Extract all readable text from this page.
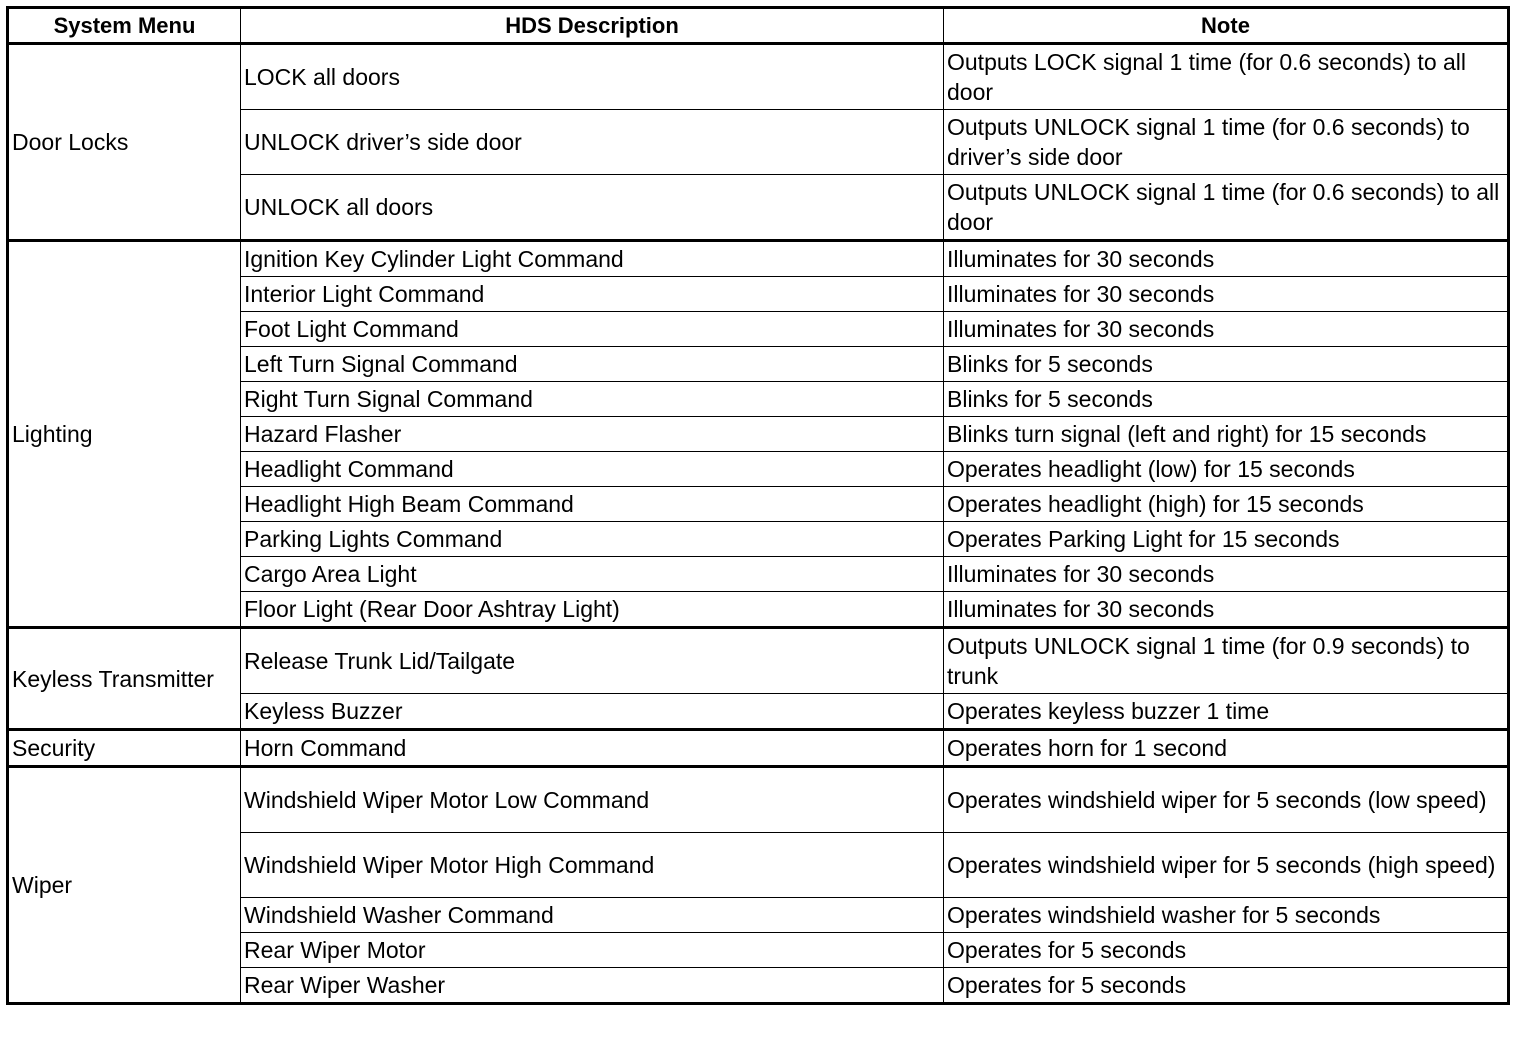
System Menu	HDS Description	Note
Door Locks	LOCK all doors	Outputs LOCK signal 1 time (for 0.6 seconds) to all door
	UNLOCK driver’s side door	Outputs UNLOCK signal 1 time (for 0.6 seconds) to driver’s side door
	UNLOCK all doors	Outputs UNLOCK signal 1 time (for 0.6 seconds) to all door
Lighting	Ignition Key Cylinder Light Command	Illuminates for 30 seconds
	Interior Light Command	Illuminates for 30 seconds
	Foot Light Command	Illuminates for 30 seconds
	Left Turn Signal Command	Blinks for 5 seconds
	Right Turn Signal Command	Blinks for 5 seconds
	Hazard Flasher	Blinks turn signal (left and right) for 15 seconds
	Headlight Command	Operates headlight (low) for 15 seconds
	Headlight High Beam Command	Operates headlight (high) for 15 seconds
	Parking Lights Command	Operates Parking Light for 15 seconds
	Cargo Area Light	Illuminates for 30 seconds
	Floor Light (Rear Door Ashtray Light)	Illuminates for 30 seconds
Keyless Transmitter	Release Trunk Lid/Tailgate	Outputs UNLOCK signal 1 time (for 0.9 seconds) to trunk
	Keyless Buzzer	Operates keyless buzzer 1 time
Security	Horn Command	Operates horn for 1 second
Wiper	Windshield Wiper Motor Low Command	Operates windshield wiper for 5 seconds (low speed)
	Windshield Wiper Motor High Command	Operates windshield wiper for 5 seconds (high speed)
	Windshield Washer Command	Operates windshield washer for 5 seconds
	Rear Wiper Motor	Operates for 5 seconds
	Rear Wiper Washer	Operates for 5 seconds
